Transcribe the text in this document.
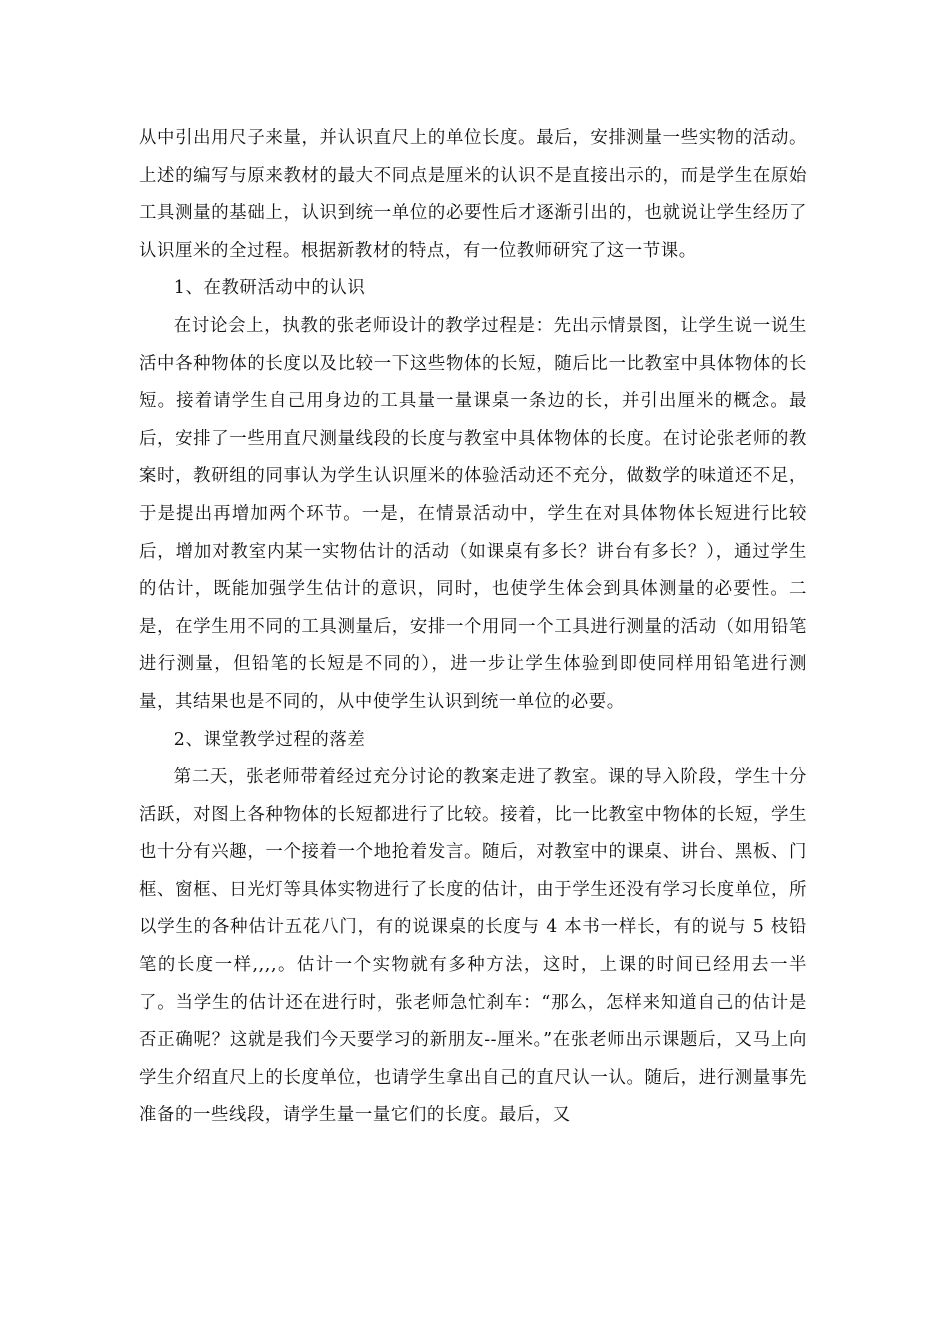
从中引出用尺子来量，并认识直尺上的单位长度。最后，安排测量一些实物的活动。上述的编写与原来教材的最大不同点是厘米的认识不是直接出示的，而是学生在原始工具测量的基础上，认识到统一单位的必要性后才逐渐引出的，也就说让学生经历了认识厘米的全过程。根据新教材的特点，有一位教师研究了这一节课。

1、在教研活动中的认识

在讨论会上，执教的张老师设计的教学过程是：先出示情景图，让学生说一说生活中各种物体的长度以及比较一下这些物体的长短，随后比一比教室中具体物体的长短。接着请学生自己用身边的工具量一量课桌一条边的长，并引出厘米的概念。最后，安排了一些用直尺测量线段的长度与教室中具体物体的长度。在讨论张老师的教案时，教研组的同事认为学生认识厘米的体验活动还不充分，做数学的味道还不足，于是提出再增加两个环节。一是，在情景活动中，学生在对具体物体长短进行比较后，增加对教室内某一实物估计的活动（如课桌有多长？讲台有多长？），通过学生的估计，既能加强学生估计的意识，同时，也使学生体会到具体测量的必要性。二是，在学生用不同的工具测量后，安排一个用同一个工具进行测量的活动（如用铅笔进行测量，但铅笔的长短是不同的），进一步让学生体验到即使同样用铅笔进行测量，其结果也是不同的，从中使学生认识到统一单位的必要。

2、课堂教学过程的落差

第二天，张老师带着经过充分讨论的教案走进了教室。课的导入阶段，学生十分活跃，对图上各种物体的长短都进行了比较。接着，比一比教室中物体的长短，学生也十分有兴趣，一个接着一个地抢着发言。随后，对教室中的课桌、讲台、黑板、门框、窗框、日光灯等具体实物进行了长度的估计，由于学生还没有学习长度单位，所以学生的各种估计五花八门，有的说课桌的长度与 4 本书一样长，有的说与 5 枝铅笔的长度一样,,,,。估计一个实物就有多种方法，这时，上课的时间已经用去一半了。当学生的估计还在进行时，张老师急忙刹车：“那么，怎样来知道自己的估计是否正确呢？这就是我们今天要学习的新朋友--厘米。”在张老师出示课题后，又马上向学生介绍直尺上的长度单位，也请学生拿出自己的直尺认一认。随后，进行测量事先准备的一些线段，请学生量一量它们的长度。最后，又
